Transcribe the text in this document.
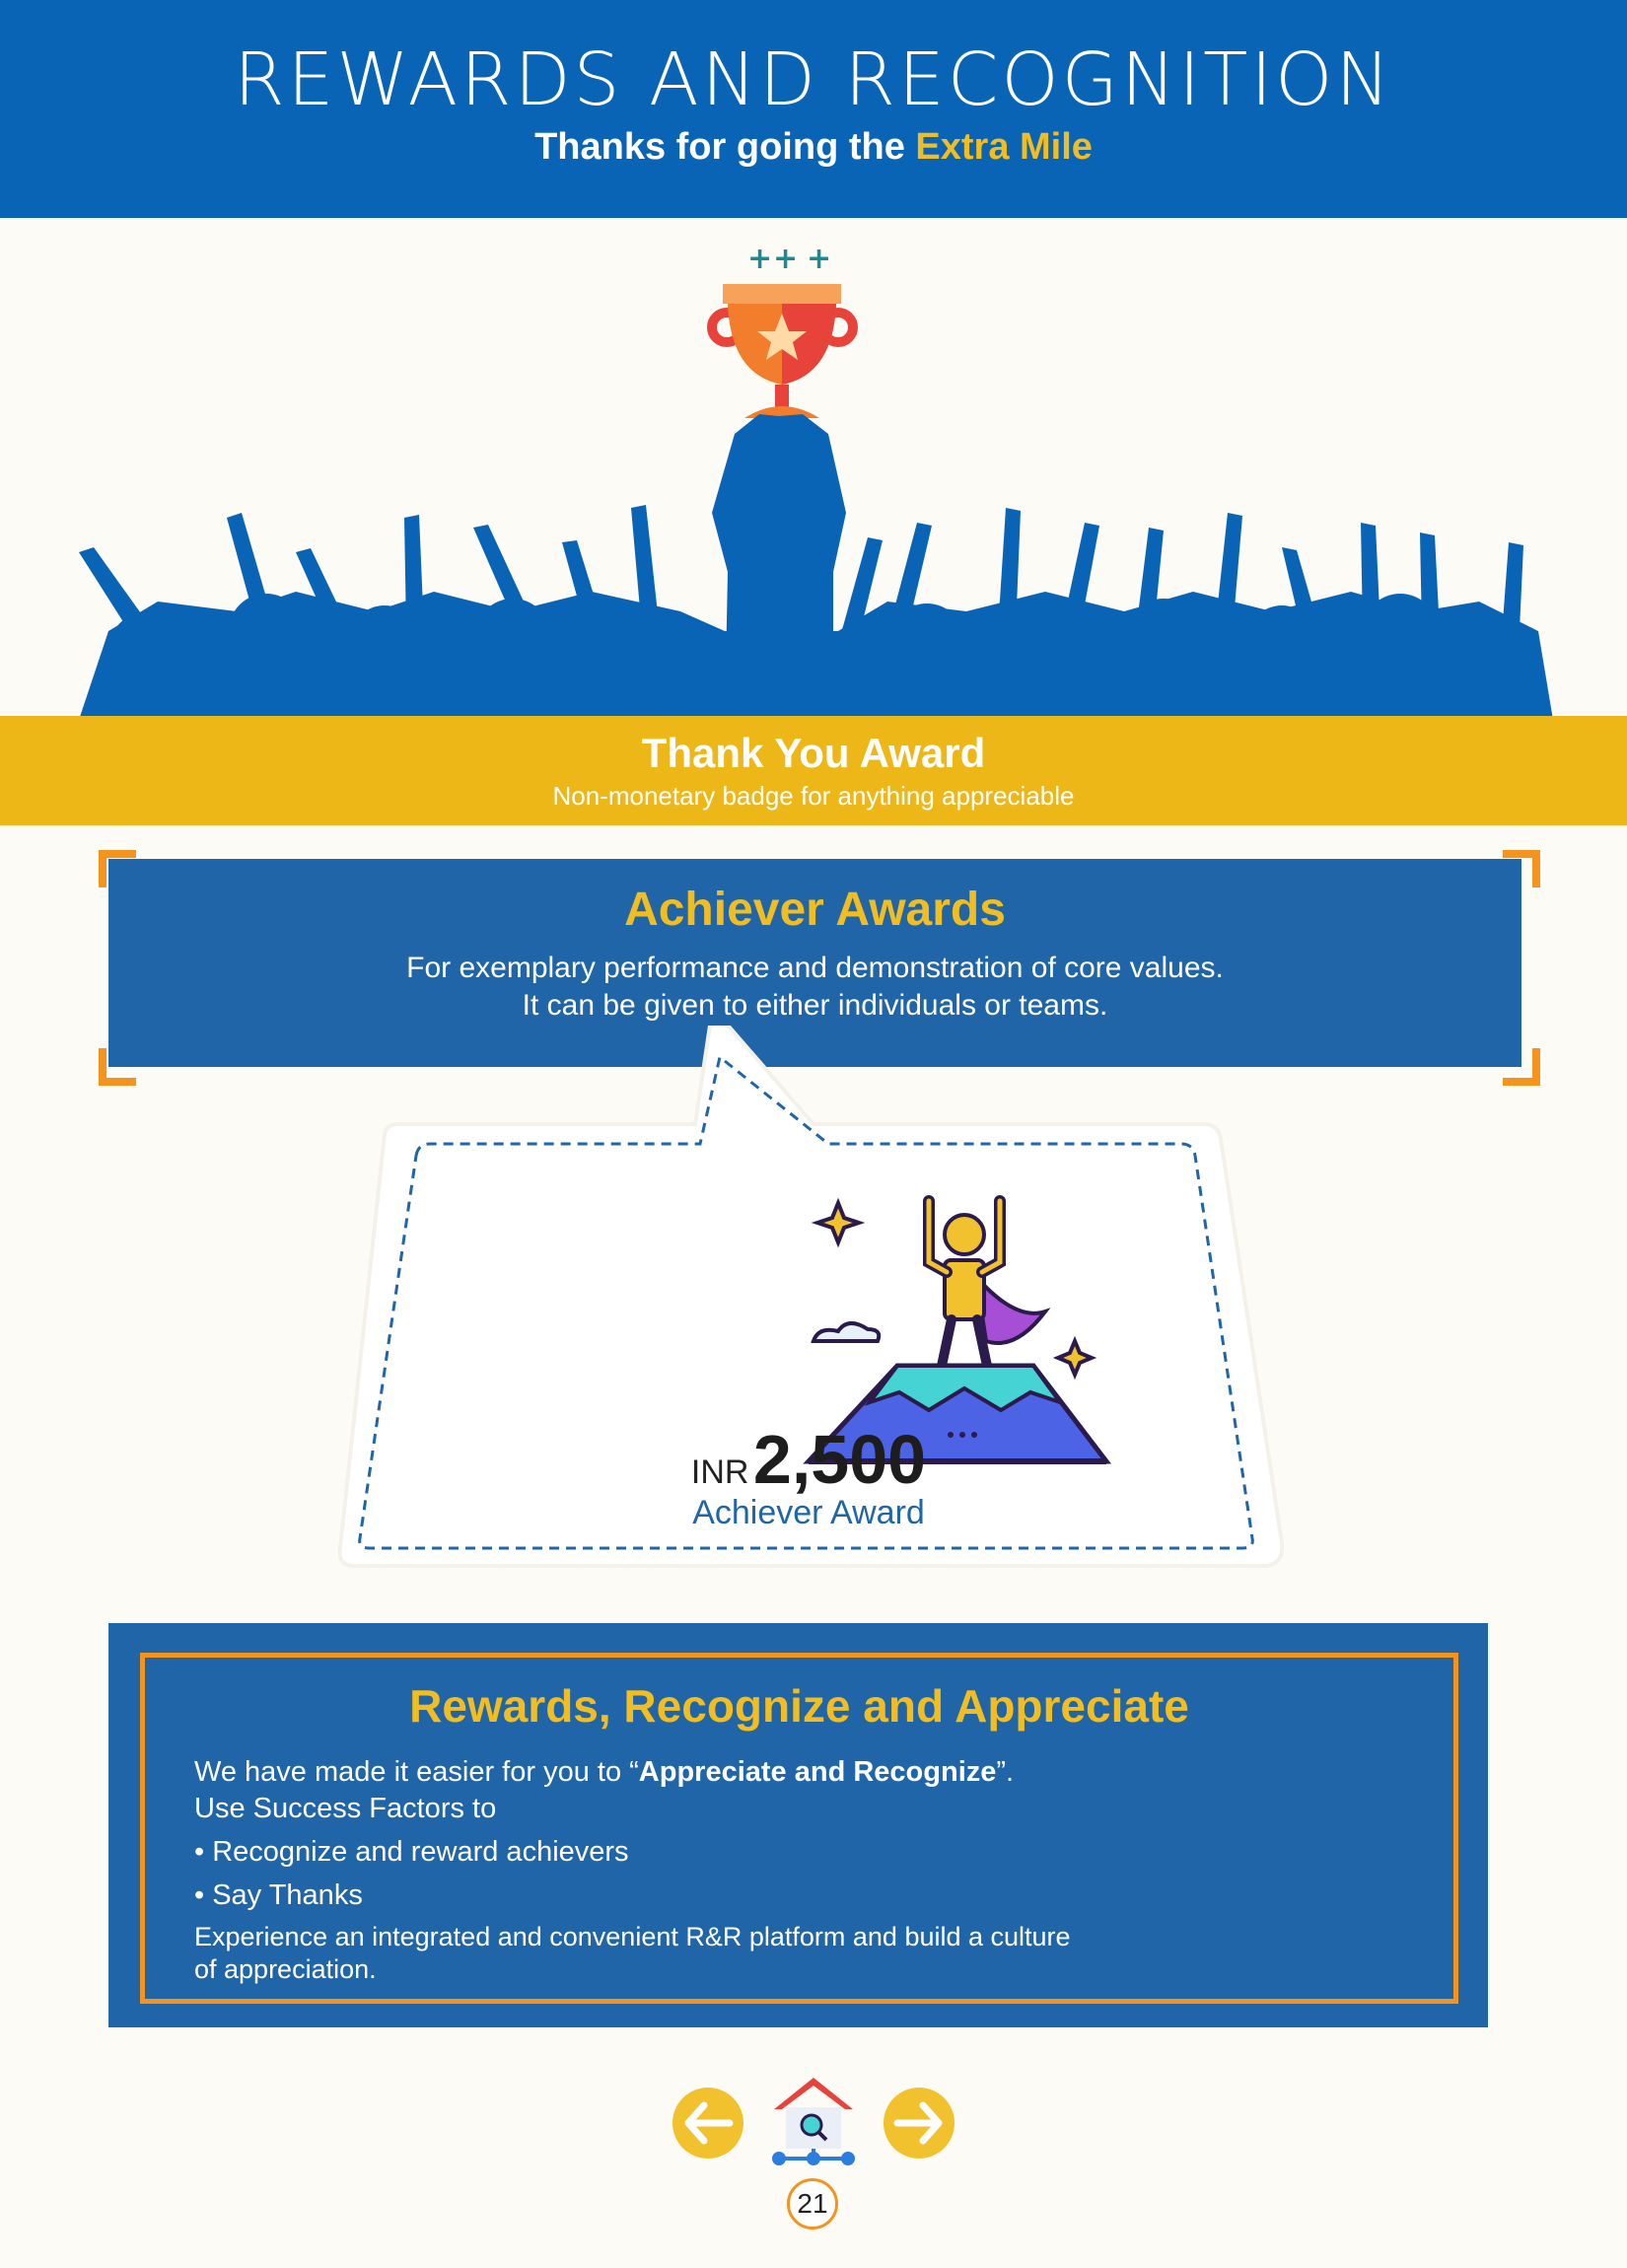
REWARDS AND RECOGNITION
Thanks for going the Extra Mile
+ + +
Thank You Award
Non-monetary badge for anything appreciable
Achiever Awards
For exemplary performance and demonstration of core values.
It can be given to either individuals or teams.
INR 2,500
Achiever Award
Rewards, Recognize and Appreciate
We have made it easier for you to “Appreciate and Recognize”.
Use Success Factors to
• Recognize and reward achievers
• Say Thanks
Experience an integrated and convenient R&R platform and build a culture
of appreciation.
21
